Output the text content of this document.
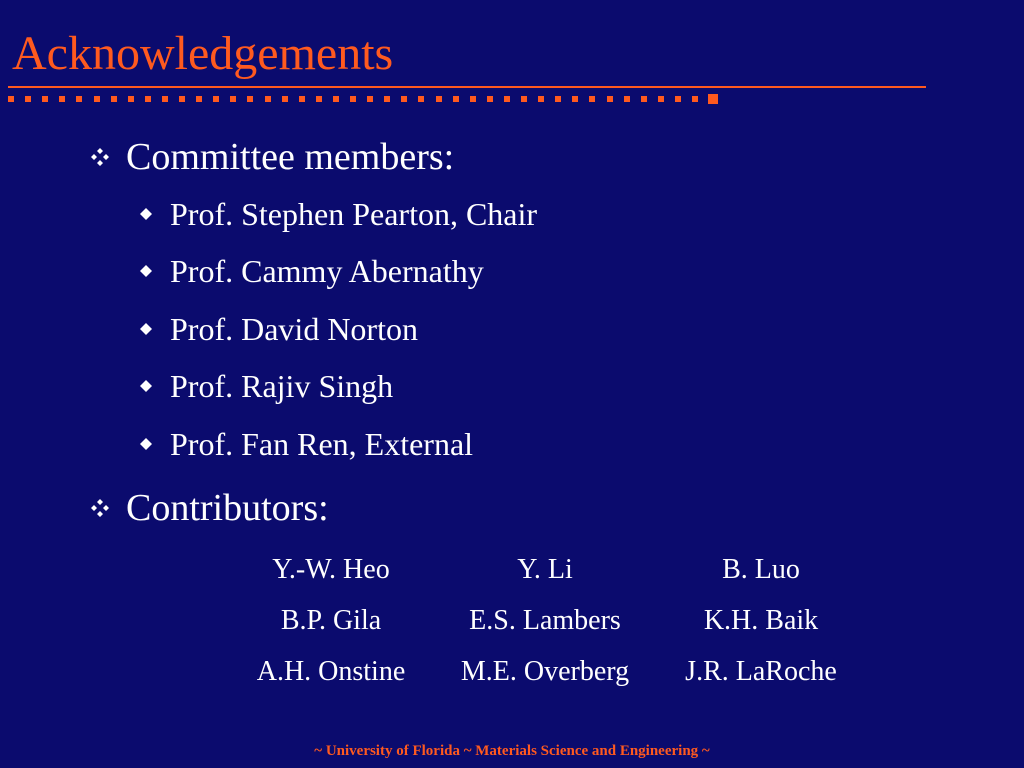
Acknowledgements
Committee members:
Prof. Stephen Pearton, Chair
Prof. Cammy Abernathy
Prof. David Norton
Prof. Rajiv Singh
Prof. Fan Ren, External
Contributors:
Y.-W. Heo	Y. Li	B. Luo
B.P. Gila	E.S. Lambers	K.H. Baik
A.H. Onstine	M.E. Overberg	J.R. LaRoche
~ University of Florida ~ Materials Science and Engineering ~
